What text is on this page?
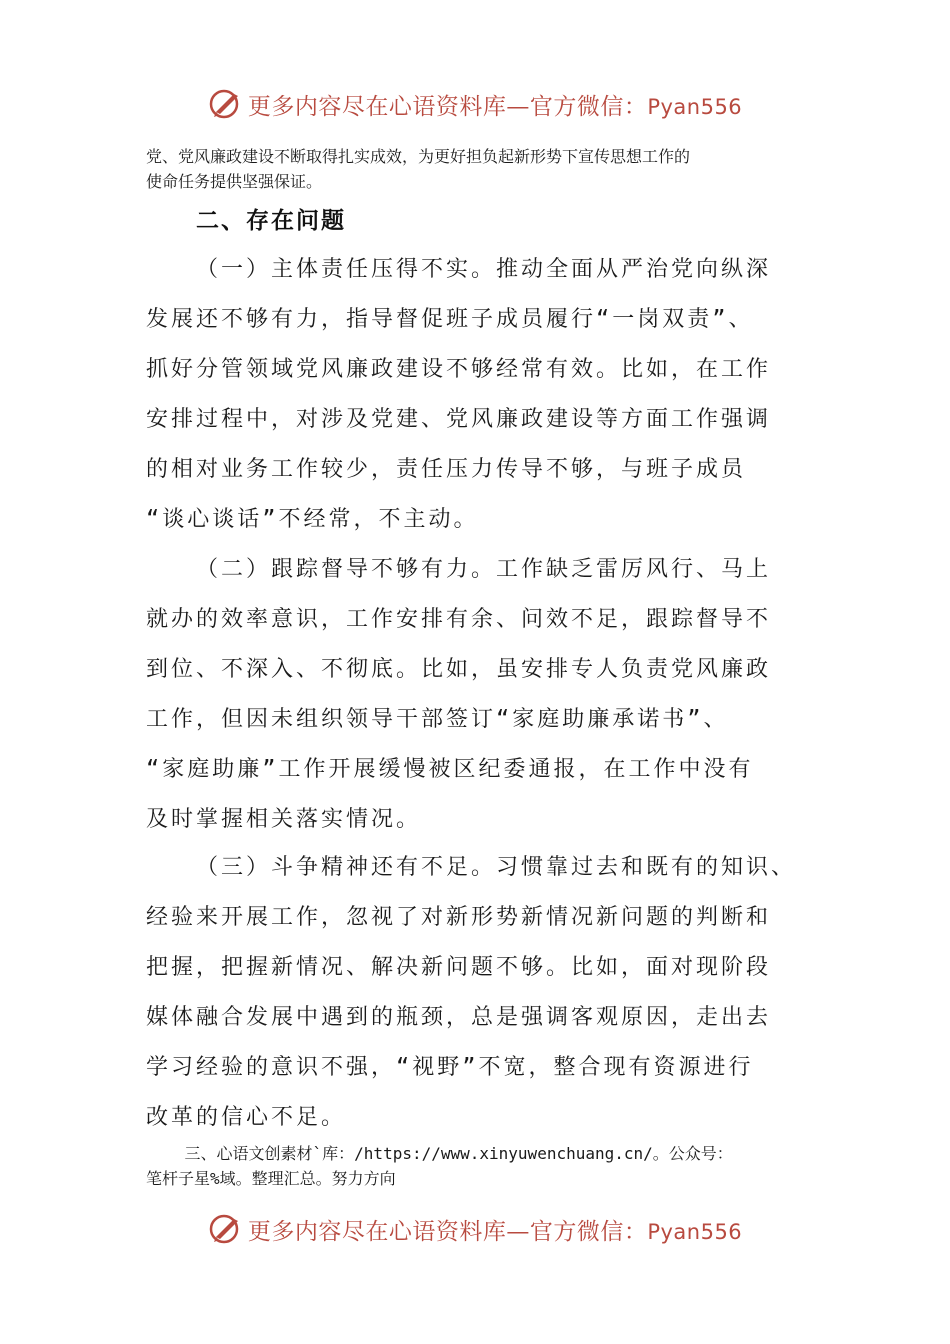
更多内容尽在心语资料库—官方微信：Pyan556
党、党风廉政建设不断取得扎实成效，为更好担负起新形势下宣传思想工作的
使命任务提供坚强保证。
二、存在问题
（一）主体责任压得不实。推动全面从严治党向纵深
发展还不够有力，指导督促班子成员履行“一岗双责”、
抓好分管领域党风廉政建设不够经常有效。比如，在工作
安排过程中，对涉及党建、党风廉政建设等方面工作强调
的相对业务工作较少，责任压力传导不够，与班子成员
“谈心谈话”不经常，不主动。
（二）跟踪督导不够有力。工作缺乏雷厉风行、马上
就办的效率意识，工作安排有余、问效不足，跟踪督导不
到位、不深入、不彻底。比如，虽安排专人负责党风廉政
工作，但因未组织领导干部签订“家庭助廉承诺书”、
“家庭助廉”工作开展缓慢被区纪委通报，在工作中没有
及时掌握相关落实情况。
（三）斗争精神还有不足。习惯靠过去和既有的知识、
经验来开展工作，忽视了对新形势新情况新问题的判断和
把握，把握新情况、解决新问题不够。比如，面对现阶段
媒体融合发展中遇到的瓶颈，总是强调客观原因，走出去
学习经验的意识不强，“视野”不宽，整合现有资源进行
改革的信心不足。
三、心语文创素材`库：/https://www.xinyuwenchuang.cn/。公众号：
笔杆子星%域。整理汇总。努力方向
更多内容尽在心语资料库—官方微信：Pyan556
